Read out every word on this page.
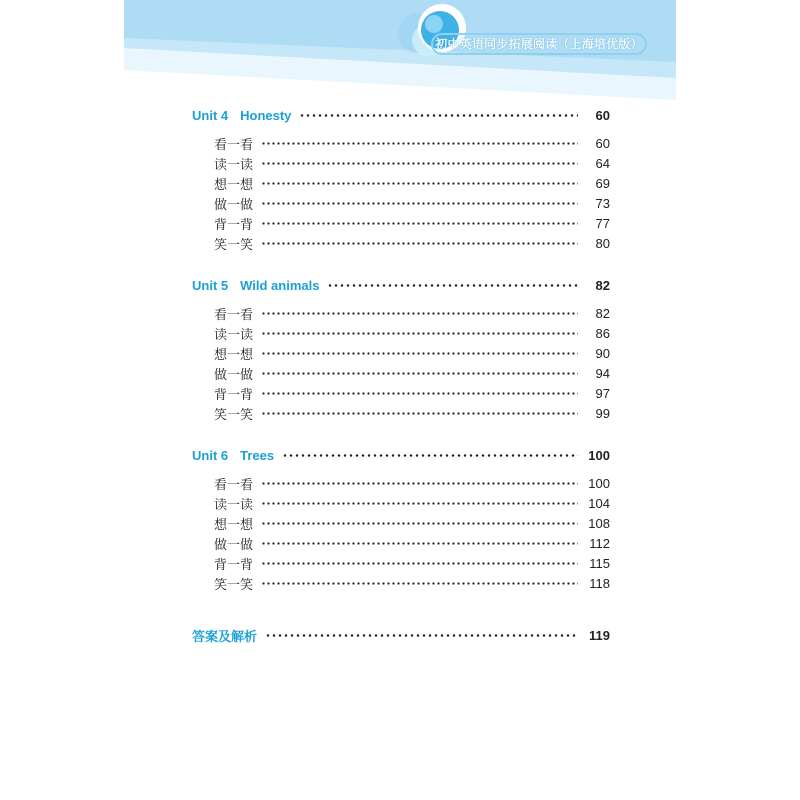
初中英语同步拓展阅读（上海培优版）
Unit 4 Honesty	60
看一看	60
读一读	64
想一想	69
做一做	73
背一背	77
笑一笑	80
Unit 5 Wild animals	82
看一看	82
读一读	86
想一想	90
做一做	94
背一背	97
笑一笑	99
Unit 6 Trees	100
看一看	100
读一读	104
想一想	108
做一做	112
背一背	115
笑一笑	118
答案及解析	119
